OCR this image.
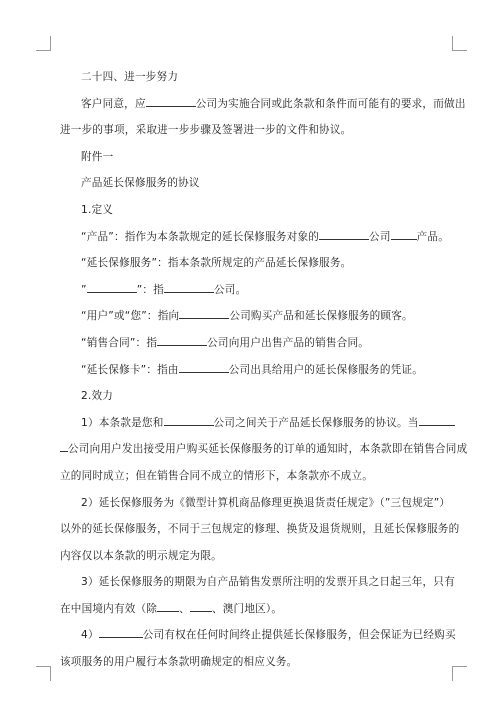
二十四、进一步努力

客户同意，应	公司为实施合同或此条款和条件而可能有的要求，而做出

进一步的事项，采取进一步步骤及签署进一步的文件和协议。

附件一

产品延长保修服务的协议

1.定义

“产品”：指作为本条款规定的延长保修服务对象的	公司 产品。

“延长保修服务”：指本条款所规定的产品延长保修服务。

”	”：指	公司。

“用户”或“您”：指向	公司购买产品和延长保修服务的顾客。

“销售合同”：指	公司向用户出售产品的销售合同。

“延长保修卡”：指由	公司出具给用户的延长保修服务的凭证。

2.效力

1）本条款是您和	公司之间关于产品延长保修服务的协议。当

公司向用户发出接受用户购买延长保修服务的订单的通知时，本条款即在销售合同成

立的同时成立；但在销售合同不成立的情形下，本条款亦不成立。

2）延长保修服务为《微型计算机商品修理更换退货责任规定》（”三包规定”）

以外的延长保修服务，不同于三包规定的修理、换货及退货规则，且延长保修服务的

内容仅以本条款的明示规定为限。

3）延长保修服务的期限为自产品销售发票所注明的发票开具之日起三年，只有

在中国境内有效（除 、 、澳门地区）。

4）	公司有权在任何时间终止提供延长保修服务，但会保证为已经购买

该项服务的用户履行本条款明确规定的相应义务。
